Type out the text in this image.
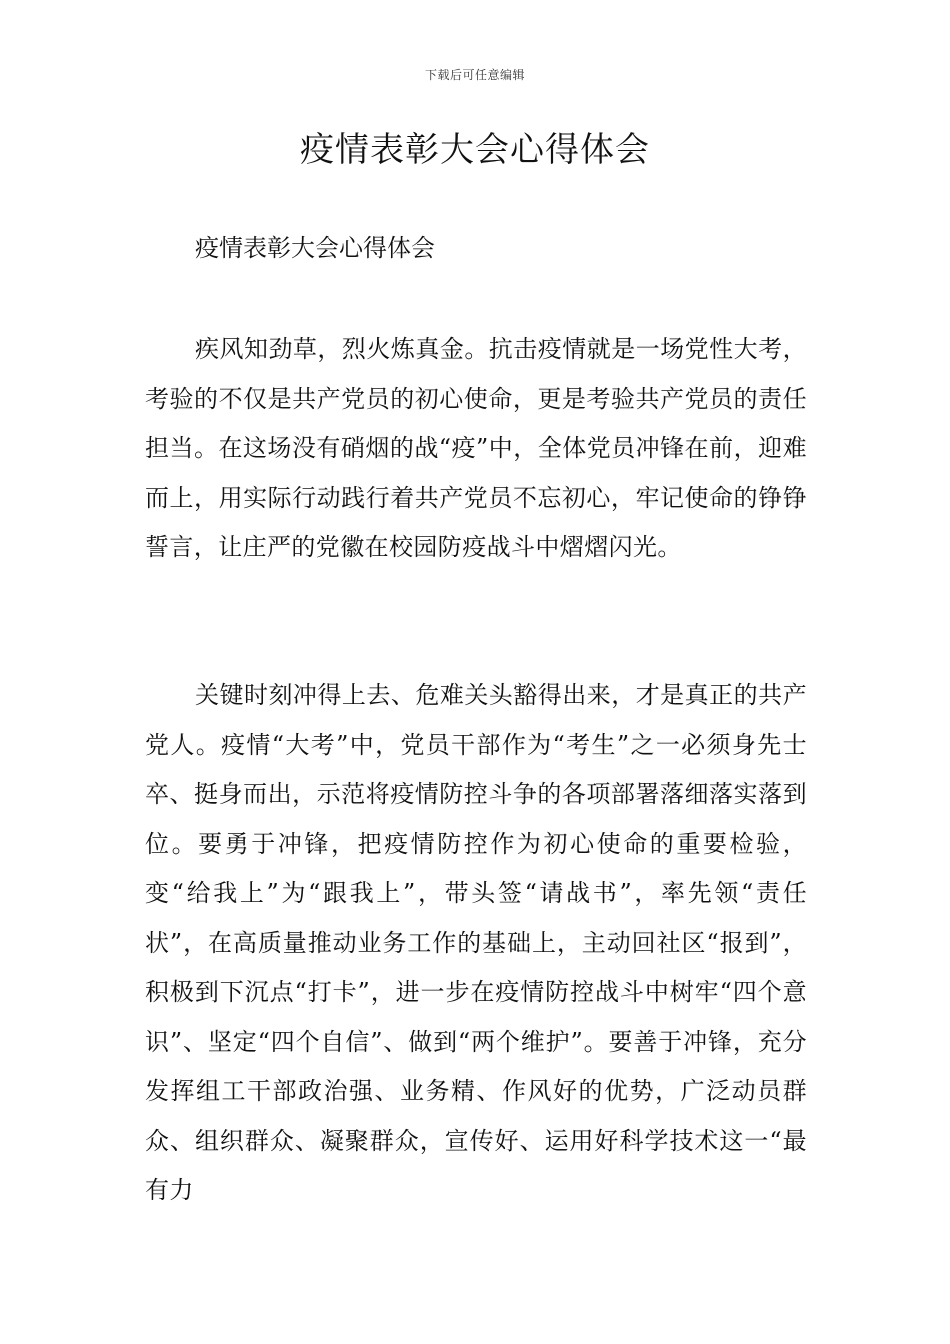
下载后可任意编辑
疫情表彰大会心得体会

疫情表彰大会心得体会

疾风知劲草，烈火炼真金。抗击疫情就是一场党性大考，考验的不仅是共产党员的初心使命，更是考验共产党员的责任担当。在这场没有硝烟的战“疫”中，全体党员冲锋在前，迎难而上，用实际行动践行着共产党员不忘初心，牢记使命的铮铮誓言，让庄严的党徽在校园防疫战斗中熠熠闪光。

关键时刻冲得上去、危难关头豁得出来，才是真正的共产党人。疫情“大考”中，党员干部作为“考生”之一必须身先士卒、挺身而出，示范将疫情防控斗争的各项部署落细落实落到位。要勇于冲锋，把疫情防控作为初心使命的重要检验，变“给我上”为“跟我上”，带头签“请战书”，率先领“责任状”，在高质量推动业务工作的基础上，主动回社区“报到”，积极到下沉点“打卡”，进一步在疫情防控战斗中树牢“四个意识”、坚定“四个自信”、做到“两个维护”。要善于冲锋，充分发挥组工干部政治强、业务精、作风好的优势，广泛动员群众、组织群众、凝聚群众，宣传好、运用好科学技术这一“最有力
